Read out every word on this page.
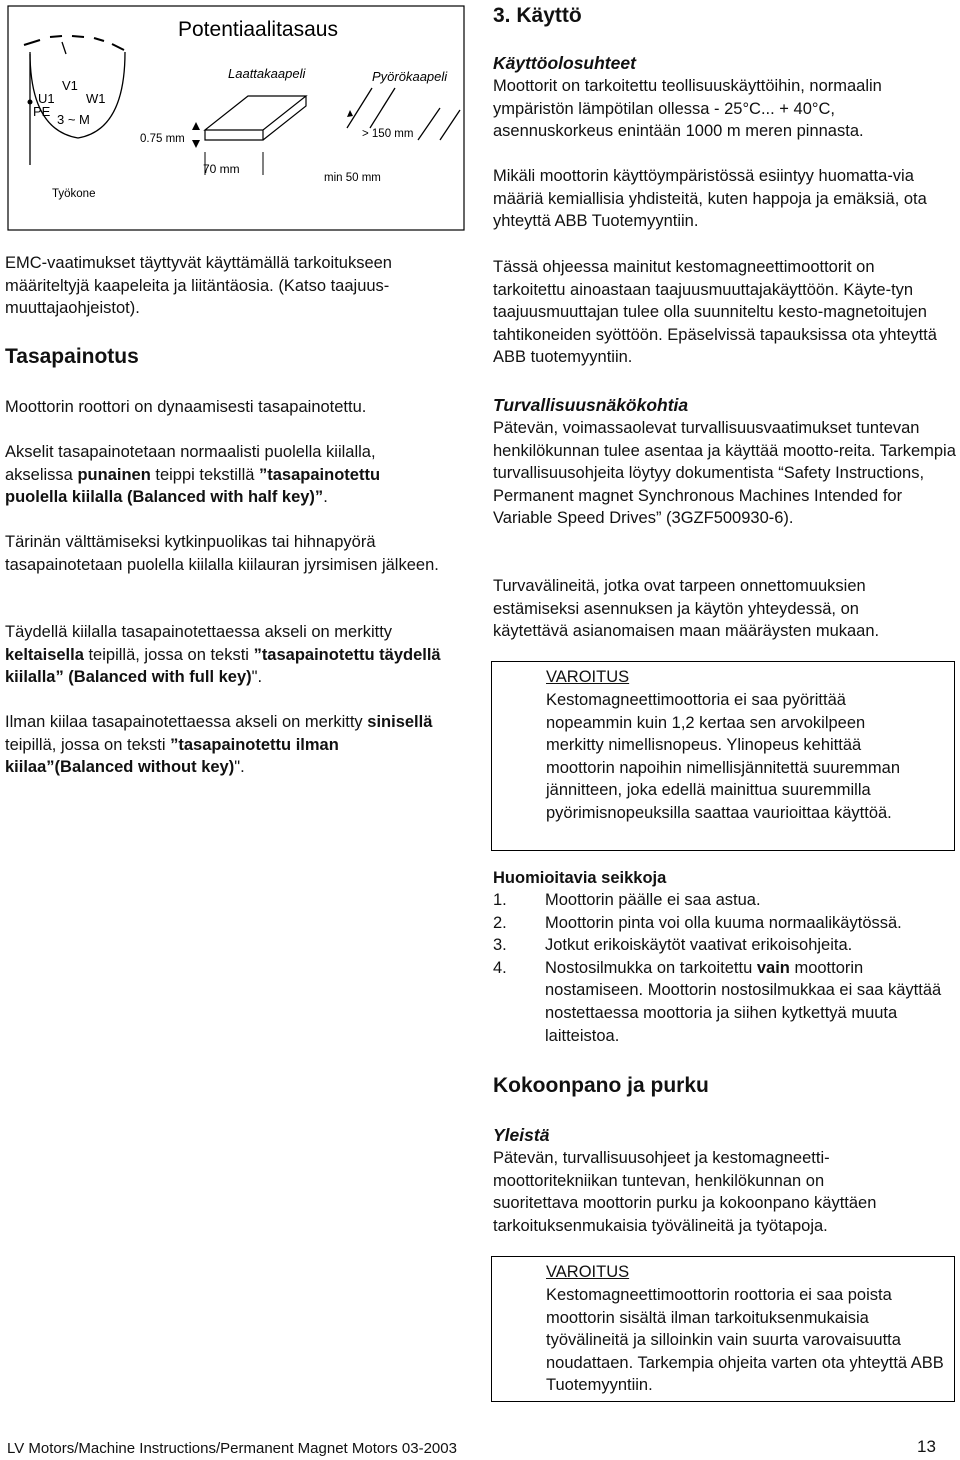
Potentiaalitasaus
V1
U1 W1
PE
3 ~ M
Laattakaapeli
0.75 mm
70 mm
Pyörökaapeli
> 150 mm
min 50 mm
Työkone

EMC-vaatimukset täyttyvät käyttämällä tarkoitukseen määriteltyjä kaapeleita ja liitäntäosia. (Katso taajuus-muuttajaohjeistot).

Tasapainotus

Moottorin roottori on dynaamisesti tasapainotettu.

Akselit tasapainotetaan normaalisti puolella kiilalla, akselissa punainen teippi tekstillä ”tasapainotettu puolella kiilalla (Balanced with half key)”.

Tärinän välttämiseksi kytkinpuolikas tai hihnapyörä tasapainotetaan puolella kiilalla kiilauran jyrsimisen jälkeen.

Täydellä kiilalla tasapainotettaessa akseli on merkitty keltaisella teipillä, jossa on teksti ”tasapainotettu täydellä kiilalla” (Balanced with full key)".

Ilman kiilaa tasapainotettaessa akseli on merkitty sinisellä teipillä, jossa on teksti ”tasapainotettu ilman kiilaa”(Balanced without key)".

3. Käyttö
Käyttöolosuhteet

Moottorit on tarkoitettu teollisuuskäyttöihin, normaalin ympäristön lämpötilan ollessa - 25°C... + 40°C, asennuskorkeus enintään 1000 m meren pinnasta.

Mikäli moottorin käyttöympäristössä esiintyy huomatta-via määriä kemiallisia yhdisteitä, kuten happoja ja emäksiä, ota yhteyttä ABB Tuotemyyntiin.

Tässä ohjeessa mainitut kestomagneettimoottorit on tarkoitettu ainoastaan taajuusmuuttajakäyttöön. Käyte-tyn taajuusmuuttajan tulee olla suunniteltu kesto-magnetoitujen tahtikoneiden syöttöön. Epäselvissä tapauksissa ota yhteyttä ABB tuotemyyntiin.

Turvallisuusnäkökohtia

Pätevän, voimassaolevat turvallisuusvaatimukset tuntevan henkilökunnan tulee asentaa ja käyttää mootto-reita. Tarkempia turvallisuusohjeita löytyy dokumentista “Safety Instructions, Permanent magnet Synchronous Machines Intended for Variable Speed Drives” (3GZF500930-6).

Turvavälineitä, jotka ovat tarpeen onnettomuuksien estämiseksi asennuksen ja käytön yhteydessä, on käytettävä asianomaisen maan määräysten mukaan.

VAROITUS

Kestomagneettimoottoria ei saa pyörittää nopeammin kuin 1,2 kertaa sen arvokilpeen merkitty nimellisnopeus. Ylinopeus kehittää moottorin napoihin nimellisjännitettä suuremman jännitteen, joka edellä mainittua suuremmilla pyörimisnopeuksilla saattaa vaurioittaa käyttöä.

Huomioitavia seikkoja
1. Moottorin päälle ei saa astua.
2. Moottorin pinta voi olla kuuma normaalikäytössä.
3. Jotkut erikoiskäytöt vaativat erikoisohjeita.
4. Nostosilmukka on tarkoitettu vain moottorin nostamiseen. Moottorin nostosilmukkaa ei saa käyttää nostettaessa moottoria ja siihen kytkettyä muuta laitteistoa.
Kokoonpano ja purku
Yleistä

Pätevän, turvallisuusohjeet ja kestomagneetti-moottoritekniikan tuntevan, henkilökunnan on suoritettava moottorin purku ja kokoonpano käyttäen tarkoituksenmukaisia työvälineitä ja työtapoja.

VAROITUS

Kestomagneettimoottorin roottoria ei saa poista moottorin sisältä ilman tarkoituksenmukaisia työvälineitä ja silloinkin vain suurta varovaisuutta noudattaen. Tarkempia ohjeita varten ota yhteyttä ABB Tuotemyyntiin.

LV Motors/Machine Instructions/Permanent Magnet Motors 03-2003	13
